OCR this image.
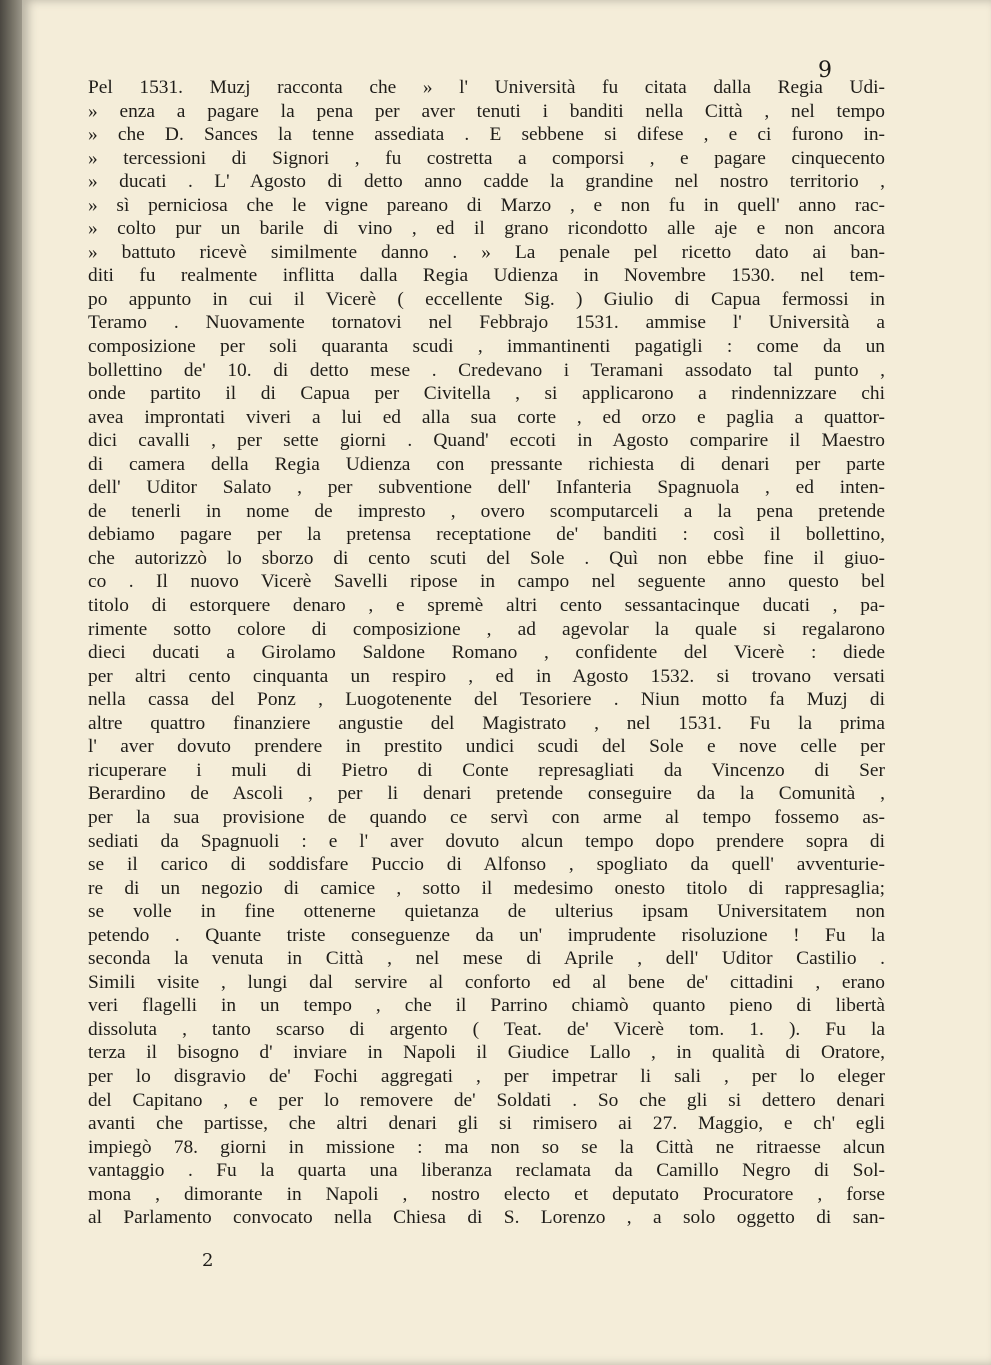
9
Pel 1531. Muzj racconta che » l' Università fu citata dalla Regia Udi-
» enza a pagare la pena per aver tenuti i banditi nella Città , nel tempo
» che D. Sances la tenne assediata . E sebbene si difese , e ci furono in-
» tercessioni di Signori , fu costretta a comporsi , e pagare cinquecento
» ducati . L' Agosto di detto anno cadde la grandine nel nostro territorio ,
» sì perniciosa che le vigne pareano di Marzo , e non fu in quell' anno rac-
» colto pur un barile di vino , ed il grano ricondotto alle aje e non ancora
» battuto ricevè similmente danno . » La penale pel ricetto dato ai ban-
diti fu realmente inflitta dalla Regia Udienza in Novembre 1530. nel tem-
po appunto in cui il Vicerè ( eccellente Sig. ) Giulio di Capua fermossi in
Teramo . Nuovamente tornatovi nel Febbrajo 1531. ammise l' Università a
composizione per soli quaranta scudi , immantinenti pagatigli : come da un
bollettino de' 10. di detto mese . Credevano i Teramani assodato tal punto ,
onde partito il di Capua per Civitella , si applicarono a rindennizzare chi
avea improntati viveri a lui ed alla sua corte , ed orzo e paglia a quattor-
dici cavalli , per sette giorni . Quand' eccoti in Agosto comparire il Maestro
di camera della Regia Udienza con pressante richiesta di denari per parte
dell' Uditor Salato , per subventione dell' Infanteria Spagnuola , ed inten-
de tenerli in nome de impresto , overo scomputarceli a la pena pretende
debiamo pagare per la pretensa receptatione de' banditi : così il bollettino,
che autorizzò lo sborzo di cento scuti del Sole . Quì non ebbe fine il giuo-
co . Il nuovo Vicerè Savelli ripose in campo nel seguente anno questo bel
titolo di estorquere denaro , e spremè altri cento sessantacinque ducati , pa-
rimente sotto colore di composizione , ad agevolar la quale si regalarono
dieci ducati a Girolamo Saldone Romano , confidente del Vicerè : diede
per altri cento cinquanta un respiro , ed in Agosto 1532. si trovano versati
nella cassa del Ponz , Luogotenente del Tesoriere . Niun motto fa Muzj di
altre quattro finanziere angustie del Magistrato , nel 1531. Fu la prima
l' aver dovuto prendere in prestito undici scudi del Sole e nove celle per
ricuperare i muli di Pietro di Conte represagliati da Vincenzo di Ser
Berardino de Ascoli , per li denari pretende conseguire da la Comunità ,
per la sua provisione de quando ce servì con arme al tempo fossemo as-
sediati da Spagnuoli : e l' aver dovuto alcun tempo dopo prendere sopra di
se il carico di soddisfare Puccio di Alfonso , spogliato da quell' avventurie-
re di un negozio di camice , sotto il medesimo onesto titolo di rappresaglia;
se volle in fine ottenerne quietanza de ulterius ipsam Universitatem non
petendo . Quante triste conseguenze da un' imprudente risoluzione ! Fu la
seconda la venuta in Città , nel mese di Aprile , dell' Uditor Castilio .
Simili visite , lungi dal servire al conforto ed al bene de' cittadini , erano
veri flagelli in un tempo , che il Parrino chiamò quanto pieno di libertà
dissoluta , tanto scarso di argento ( Teat. de' Vicerè tom. 1. ). Fu la
terza il bisogno d' inviare in Napoli il Giudice Lallo , in qualità di Oratore,
per lo disgravio de' Fochi aggregati , per impetrar li sali , per lo eleger
del Capitano , e per lo removere de' Soldati . So che gli si dettero denari
avanti che partisse, che altri denari gli si rimisero ai 27. Maggio, e ch' egli
impiegò 78. giorni in missione : ma non so se la Città ne ritraesse alcun
vantaggio . Fu la quarta una liberanza reclamata da Camillo Negro di Sol-
mona , dimorante in Napoli , nostro electo et deputato Procuratore , forse
al Parlamento convocato nella Chiesa di S. Lorenzo , a solo oggetto di san-
2
